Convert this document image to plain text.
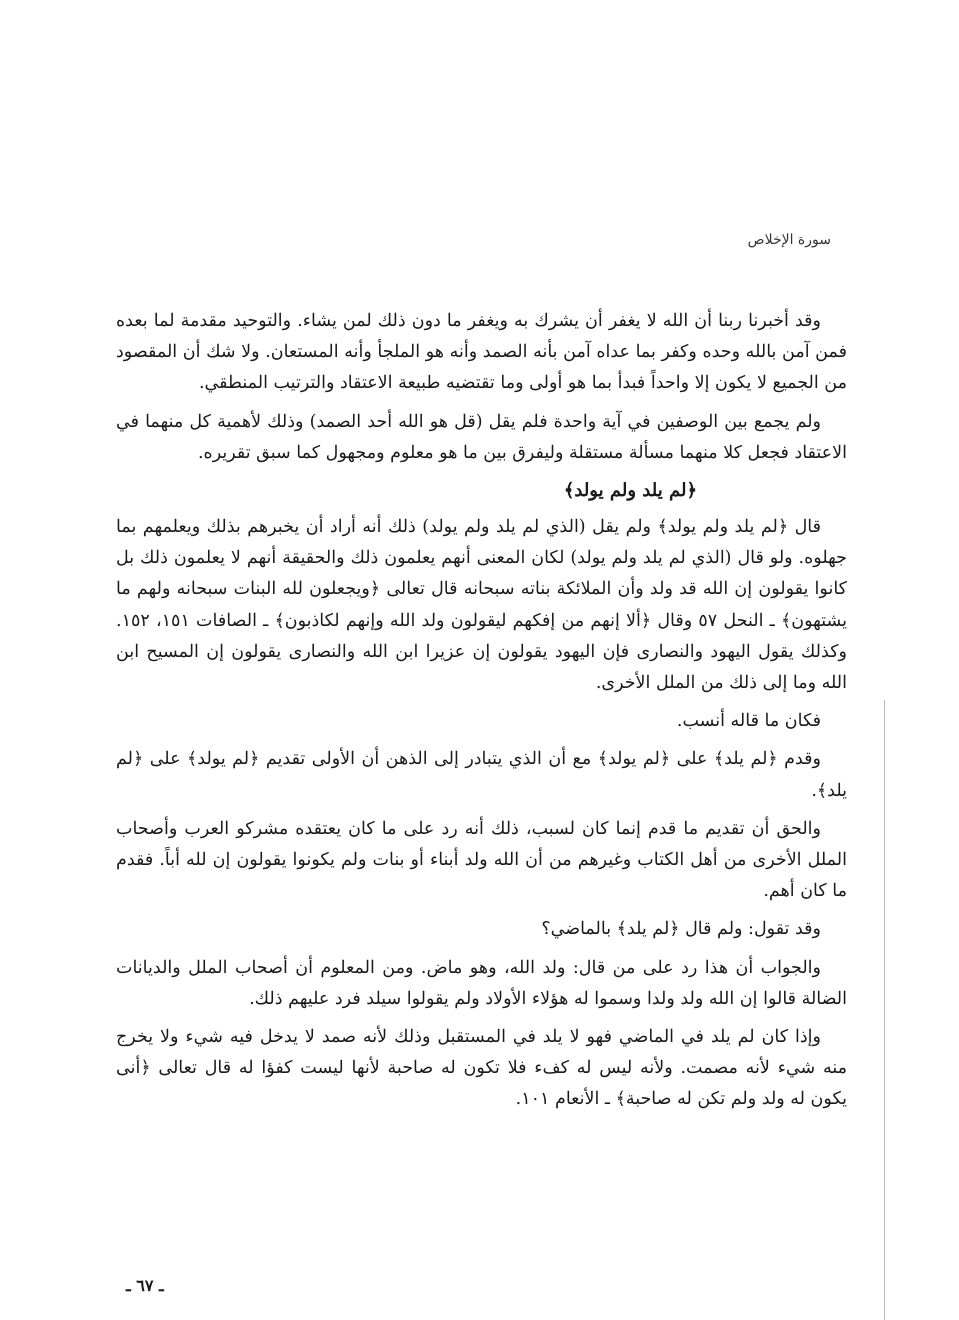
سورة الإخلاص

وقد أخبرنا ربنا أن الله لا يغفر أن يشرك به ويغفر ما دون ذلك لمن يشاء. والتوحيد مقدمة لما بعده فمن آمن بالله وحده وكفر بما عداه آمن بأنه الصمد وأنه هو الملجأ وأنه المستعان. ولا شك أن المقصود من الجميع لا يكون إلا واحداً فبدأ بما هو أولى وما تقتضيه طبيعة الاعتقاد والترتيب المنطقي.

ولم يجمع بين الوصفين في آية واحدة فلم يقل (قل هو الله أحد الصمد) وذلك لأهمية كل منهما في الاعتقاد فجعل كلا منهما مسألة مستقلة وليفرق بين ما هو معلوم ومجهول كما سبق تقريره.

﴿لم يلد ولم يولد﴾

قال ﴿لم يلد ولم يولد﴾ ولم يقل (الذي لم يلد ولم يولد) ذلك أنه أراد أن يخبرهم بذلك ويعلمهم بما جهلوه. ولو قال (الذي لم يلد ولم يولد) لكان المعنى أنهم يعلمون ذلك والحقيقة أنهم لا يعلمون ذلك بل كانوا يقولون إن الله قد ولد وأن الملائكة بناته سبحانه قال تعالى ﴿ويجعلون لله البنات سبحانه ولهم ما يشتهون﴾ ـ النحل ٥٧ وقال ﴿ألا إنهم من إفكهم ليقولون ولد الله وإنهم لكاذبون﴾ ـ الصافات ١٥١، ١٥٢. وكذلك يقول اليهود والنصارى فإن اليهود يقولون إن عزيرا ابن الله والنصارى يقولون إن المسيح ابن الله وما إلى ذلك من الملل الأخرى.

فكان ما قاله أنسب.

وقدم ﴿لم يلد﴾ على ﴿لم يولد﴾ مع أن الذي يتبادر إلى الذهن أن الأولى تقديم ﴿لم يولد﴾ على ﴿لم يلد﴾.

والحق أن تقديم ما قدم إنما كان لسبب، ذلك أنه رد على ما كان يعتقده مشركو العرب وأصحاب الملل الأخرى من أهل الكتاب وغيرهم من أن الله ولد أبناء أو بنات ولم يكونوا يقولون إن لله أباً. فقدم ما كان أهم.

وقد تقول: ولم قال ﴿لم يلد﴾ بالماضي؟

والجواب أن هذا رد على من قال: ولد الله، وهو ماض. ومن المعلوم أن أصحاب الملل والديانات الضالة قالوا إن الله ولد ولدا وسموا له هؤلاء الأولاد ولم يقولوا سيلد فرد عليهم ذلك.

وإذا كان لم يلد في الماضي فهو لا يلد في المستقبل وذلك لأنه صمد لا يدخل فيه شيء ولا يخرج منه شيء لأنه مصمت. ولأنه ليس له كفء فلا تكون له صاحبة لأنها ليست كفؤا له قال تعالى ﴿أنى يكون له ولد ولم تكن له صاحبة﴾ ـ الأنعام ١٠١.

ـ ٦٧ ـ
